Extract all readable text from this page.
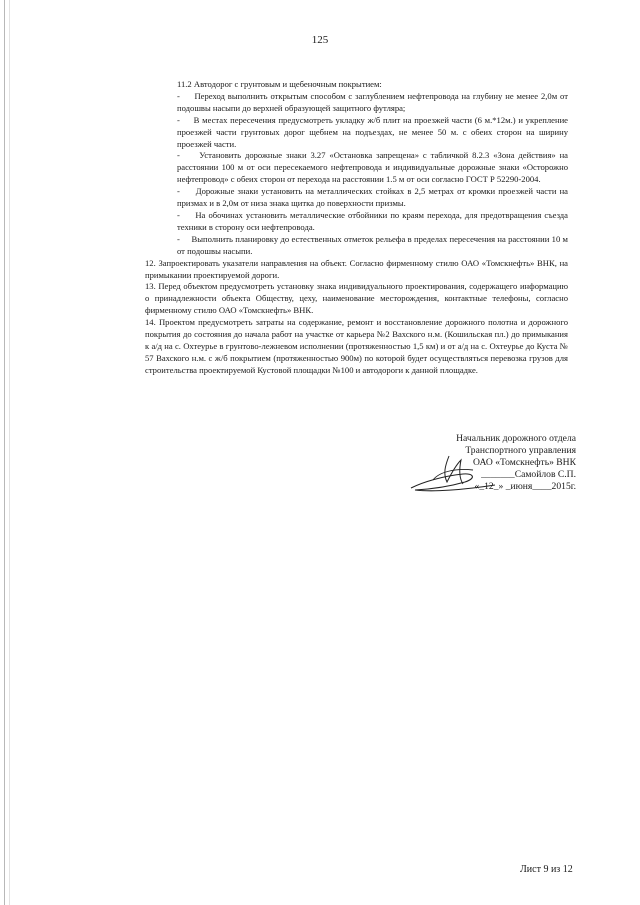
125
11.2 Автодорог с грунтовым и щебеночным покрытием:

- Переход выполнить открытым способом с заглублением нефтепровода на глубину не менее 2,0м от подошвы насыпи до верхней образующей защитного футляра;

- В местах пересечения предусмотреть укладку ж/б плит на проезжей части (6 м.*12м.) и укрепление проезжей части грунтовых дорог щебнем на подъездах, не менее 50 м. с обеих сторон на ширину проезжей части.

- Установить дорожные знаки 3.27 «Остановка запрещена» с табличкой 8.2.3 «Зона действия» на расстоянии 100 м от оси пересекаемого нефтепровода и индивидуальные дорожные знаки «Осторожно нефтепровод» с обеих сторон от перехода на расстоянии 1.5 м от оси согласно ГОСТ Р 52290-2004.

- Дорожные знаки установить на металлических стойках в 2,5 метрах от кромки проезжей части на призмах и в 2,0м от низа знака щитка до поверхности призмы.

- На обочинах установить металлические отбойники по краям перехода, для предотвращения съезда техники в сторону оси нефтепровода.

- Выполнить планировку до естественных отметок рельефа в пределах пересечения на расстоянии 10 м от подошвы насыпи.

12. Запроектировать указатели направления на объект. Согласно фирменному стилю ОАО «Томскнефть» ВНК, на примыкании проектируемой дороги.

13. Перед объектом предусмотреть установку знака индивидуального проектирования, содержащего информацию о принадлежности объекта Обществу, цеху, наименование месторождения, контактные телефоны, согласно фирменному стилю ОАО «Томскнефть» ВНК.

14. Проектом предусмотреть затраты на содержание, ремонт и восстановление дорожного полотна и дорожного покрытия до состояния до начала работ на участке от карьера №2 Вахского н.м. (Кошильская пл.) до примыкания к а/д на с. Охтеурье в грунтово-лежневом исполнении (протяженностью 1,5 км) и от а/д на с. Охтеурье до Куста № 57 Вахского н.м. с ж/б покрытием (протяженностью 900м) по которой будет осуществляться перевозка грузов для строительства проектируемой Кустовой площадки №100 и автодороги к данной площадке.

Начальник дорожного отдела
Транспортного управления
ОАО «Томскнефть» ВНК
_______Самойлов С.П.
«_12_» _июня____2015г.
Лист 9 из 12
